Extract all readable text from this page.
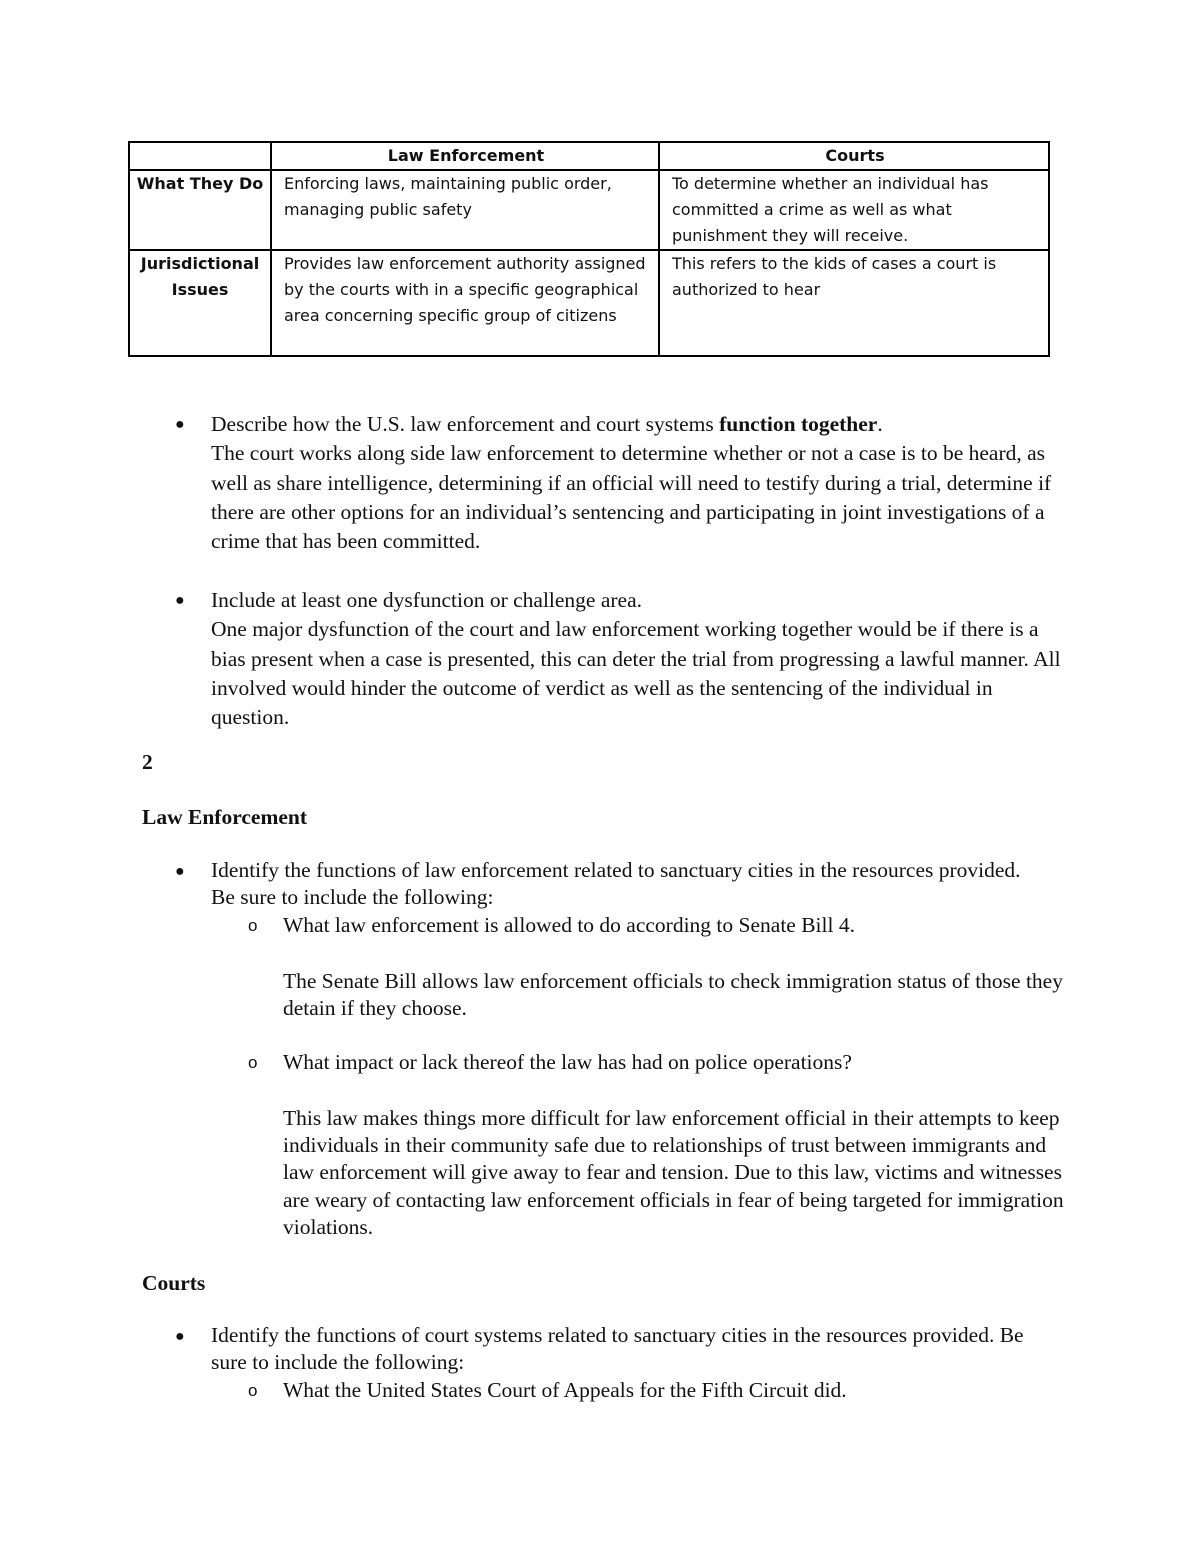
	Law Enforcement	Courts
What They Do	Enforcing laws, maintaining public order, managing public safety	To determine whether an individual has committed a crime as well as what punishment they will receive.
Jurisdictional Issues	Provides law enforcement authority assigned by the courts with in a specific geographical area concerning specific group of citizens	This refers to the kids of cases a court is authorized to hear
● Describe how the U.S. law enforcement and court systems function together.

The court works along side law enforcement to determine whether or not a case is to be heard, as well as share intelligence, determining if an official will need to testify during a trial, determine if there are other options for an individual’s sentencing and participating in joint investigations of a crime that has been committed.

● Include at least one dysfunction or challenge area.

One major dysfunction of the court and law enforcement working together would be if there is a bias present when a case is presented, this can deter the trial from progressing a lawful manner. All involved would hinder the outcome of verdict as well as the sentencing of the individual in question.

2
Law Enforcement
● Identify the functions of law enforcement related to sanctuary cities in the resources provided. Be sure to include the following:

o What law enforcement is allowed to do according to Senate Bill 4.

The Senate Bill allows law enforcement officials to check immigration status of those they detain if they choose.

o What impact or lack thereof the law has had on police operations?

This law makes things more difficult for law enforcement official in their attempts to keep individuals in their community safe due to relationships of trust between immigrants and law enforcement will give away to fear and tension. Due to this law, victims and witnesses are weary of contacting law enforcement officials in fear of being targeted for immigration violations.

Courts
● Identify the functions of court systems related to sanctuary cities in the resources provided. Be sure to include the following:

o What the United States Court of Appeals for the Fifth Circuit did.
